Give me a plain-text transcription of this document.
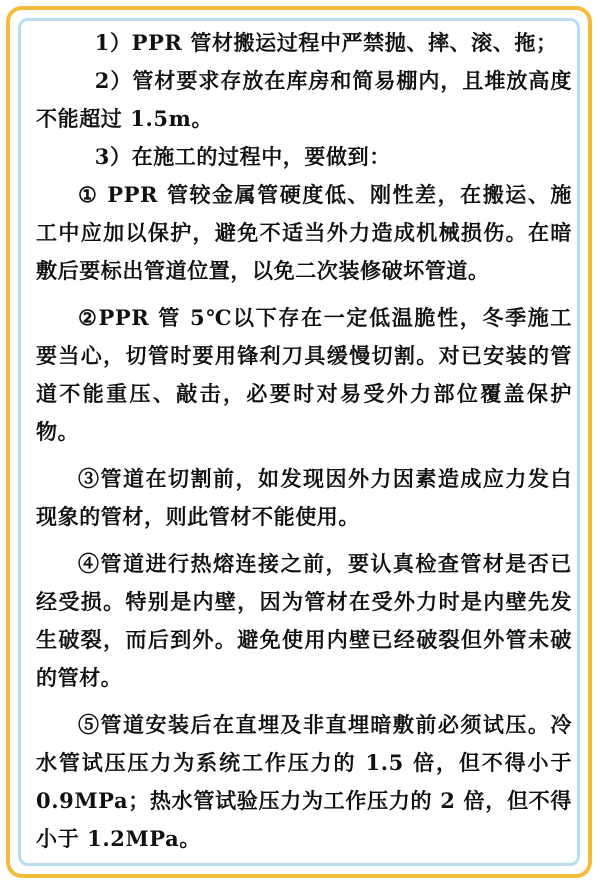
1）PPR 管材搬运过程中严禁抛、摔、滚、拖；

2）管材要求存放在库房和简易棚内，且堆放高度不能超过 1.5m。

3）在施工的过程中，要做到：

① PPR 管较金属管硬度低、刚性差，在搬运、施工中应加以保护，避免不适当外力造成机械损伤。在暗敷后要标出管道位置，以免二次装修破坏管道。

②PPR 管 5℃以下存在一定低温脆性，冬季施工要当心，切管时要用锋利刀具缓慢切割。对已安装的管道不能重压、敲击，必要时对易受外力部位覆盖保护物。

③管道在切割前，如发现因外力因素造成应力发白现象的管材，则此管材不能使用。

④管道进行热熔连接之前，要认真检查管材是否已经受损。特别是内壁，因为管材在受外力时是内壁先发生破裂，而后到外。避免使用内壁已经破裂但外管未破的管材。

⑤管道安装后在直埋及非直埋暗敷前必须试压。冷水管试压压力为系统工作压力的 1.5 倍，但不得小于 0.9MPa；热水管试验压力为工作压力的 2 倍，但不得小于 1.2MPa。
